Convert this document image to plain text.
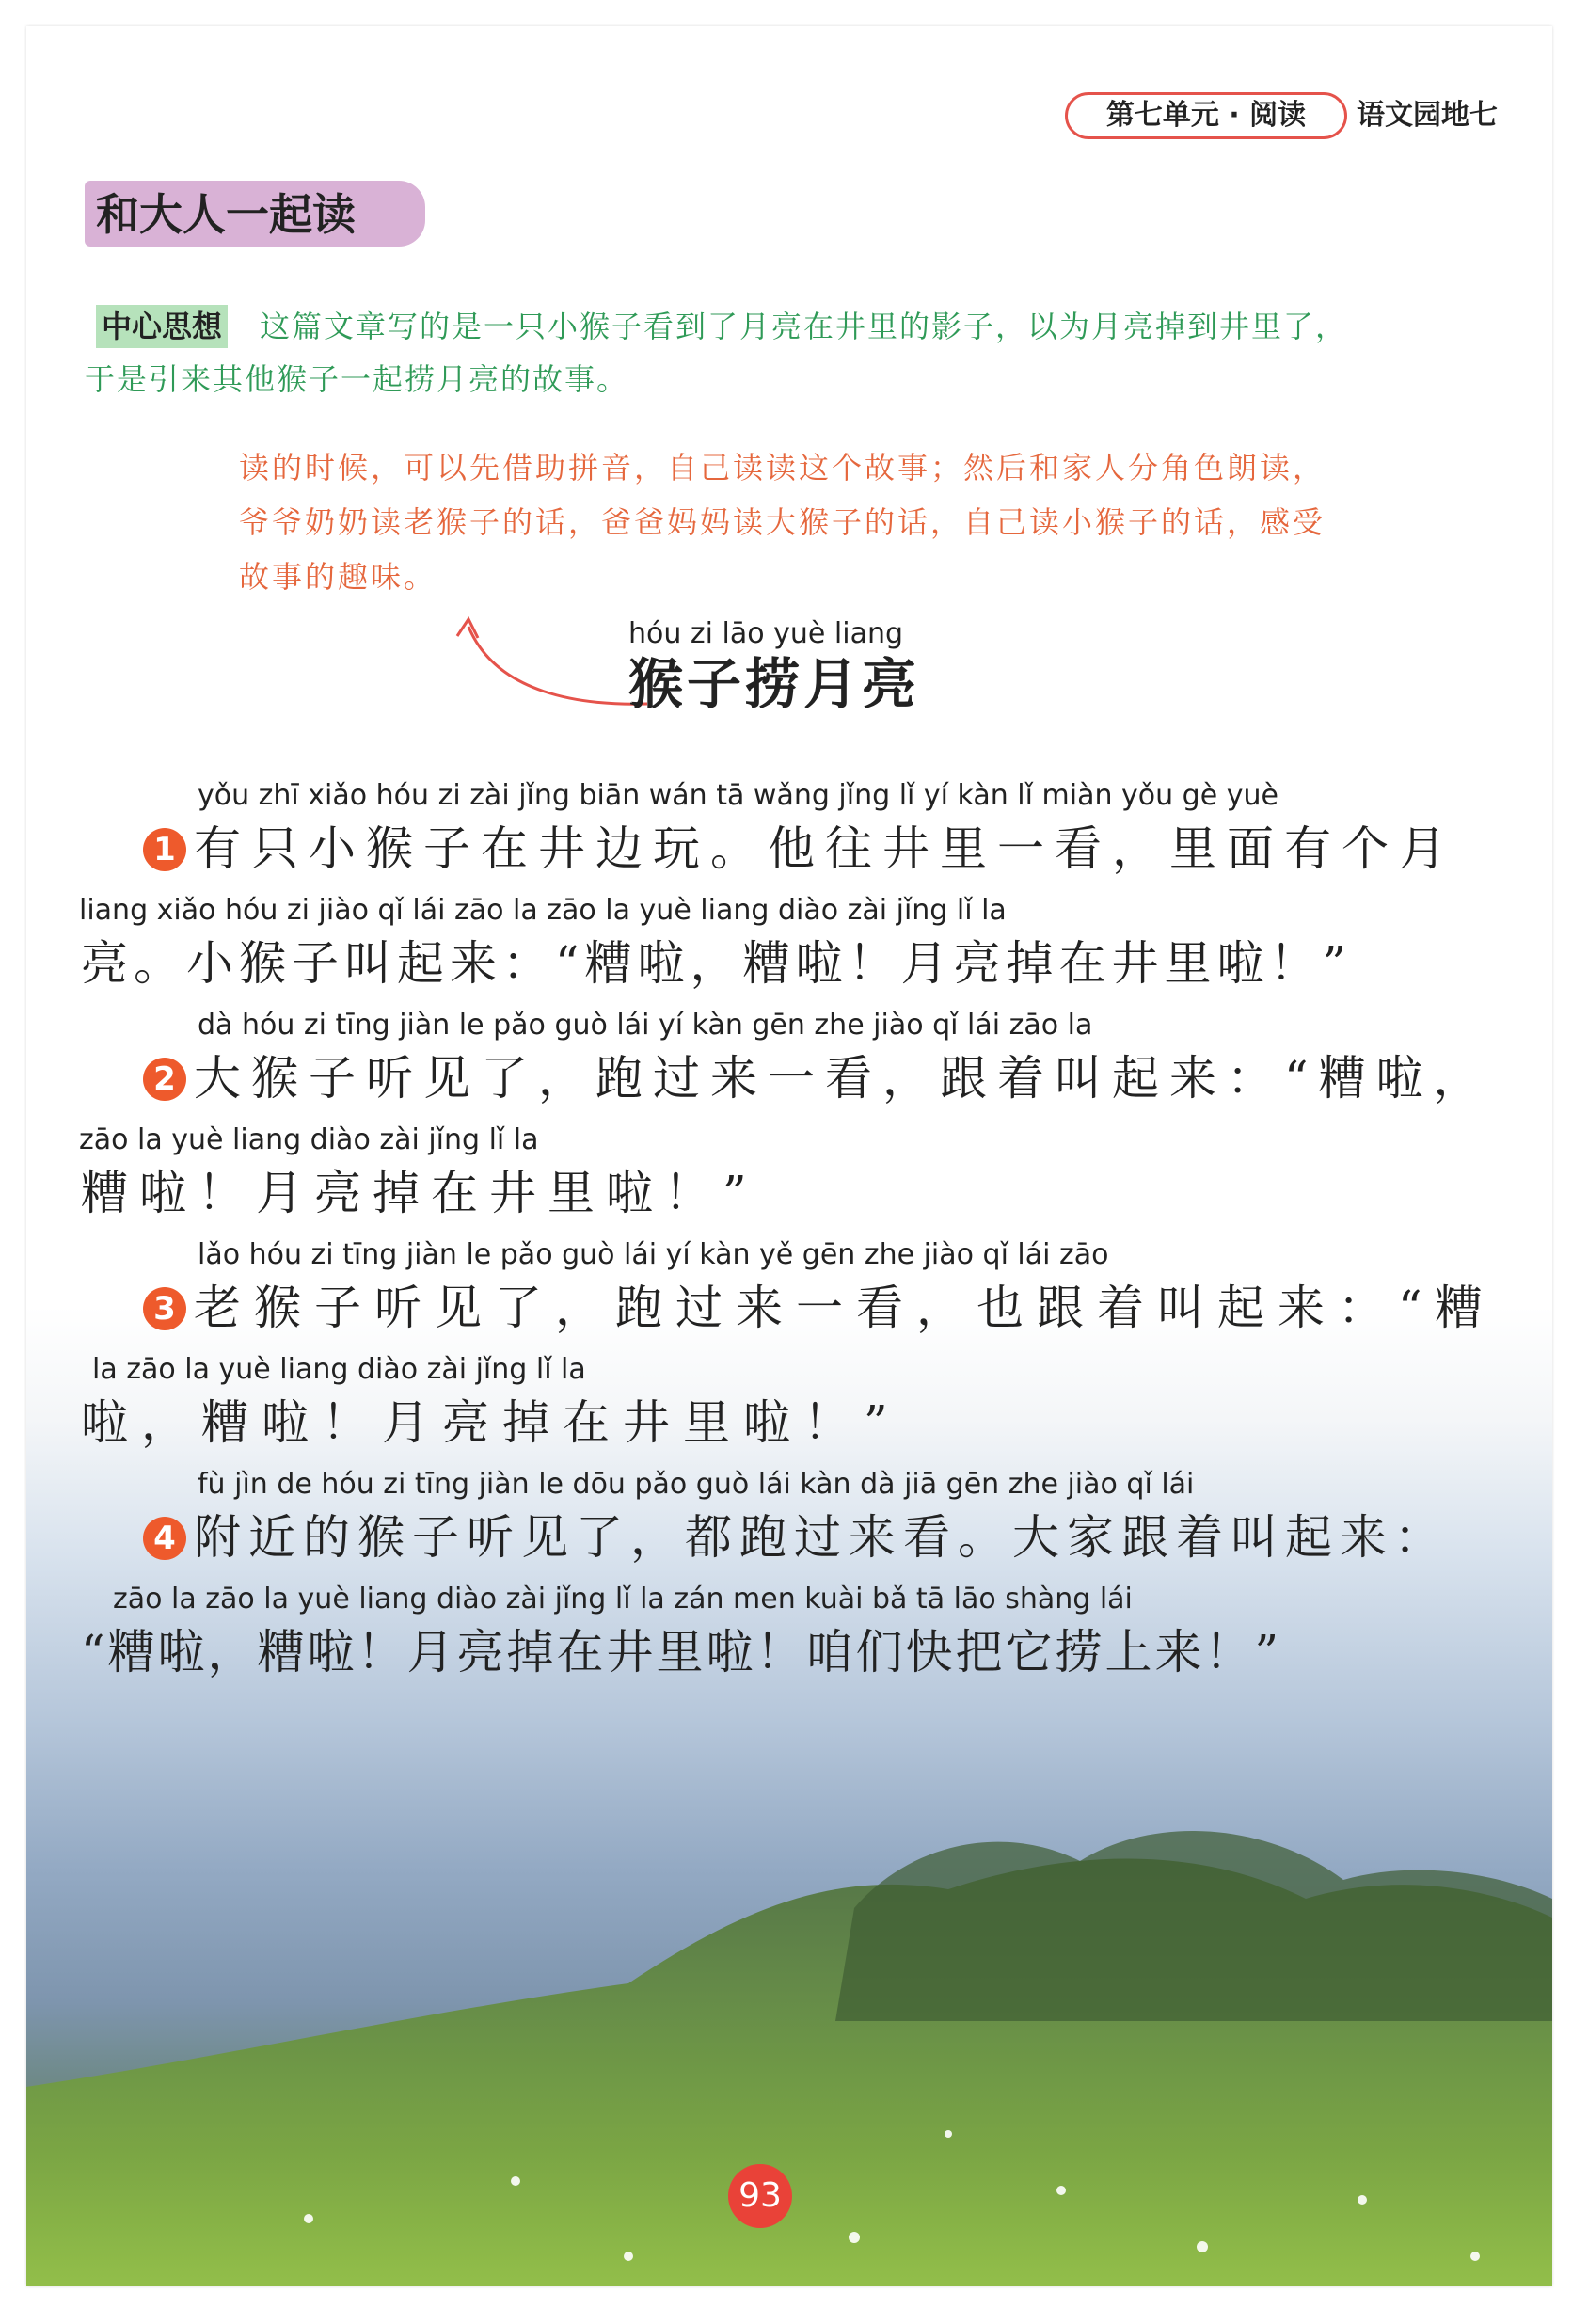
第七单元 · 阅读	语文园地七
和大人一起读
中心思想 这篇文章写的是一只小猴子看到了月亮在井里的影子，以为月亮掉到井里了，
于是引来其他猴子一起捞月亮的故事。
读的时候，可以先借助拼音，自己读读这个故事；然后和家人分角色朗读，
爷爷奶奶读老猴子的话，爸爸妈妈读大猴子的话，自己读小猴子的话，感受
故事的趣味。
hóu zi lāo yuè liang
猴子捞月亮
1
yǒu zhī xiǎo hóu zi zài jǐng biān wán tā wǎng jǐng lǐ yí kàn lǐ miàn yǒu gè yuè
有只小猴子在井边玩。他往井里一看，里面有个月
liang xiǎo hóu zi jiào qǐ lái zāo la zāo la yuè liang diào zài jǐng lǐ la
亮。小猴子叫起来：“糟啦，糟啦！月亮掉在井里啦！”
2
dà hóu zi tīng jiàn le pǎo guò lái yí kàn gēn zhe jiào qǐ lái zāo la
大猴子听见了，跑过来一看，跟着叫起来：“糟啦，
zāo la yuè liang diào zài jǐng lǐ la
糟啦！月亮掉在井里啦！”
3
lǎo hóu zi tīng jiàn le pǎo guò lái yí kàn yě gēn zhe jiào qǐ lái zāo
老猴子听见了，跑过来一看，也跟着叫起来：“糟
la zāo la yuè liang diào zài jǐng lǐ la
啦，糟啦！月亮掉在井里啦！”
4
fù jìn de hóu zi tīng jiàn le dōu pǎo guò lái kàn dà jiā gēn zhe jiào qǐ lái
附近的猴子听见了，都跑过来看。大家跟着叫起来：
zāo la zāo la yuè liang diào zài jǐng lǐ la zán men kuài bǎ tā lāo shàng lái
“糟啦，糟啦！月亮掉在井里啦！咱们快把它捞上来！”
93
